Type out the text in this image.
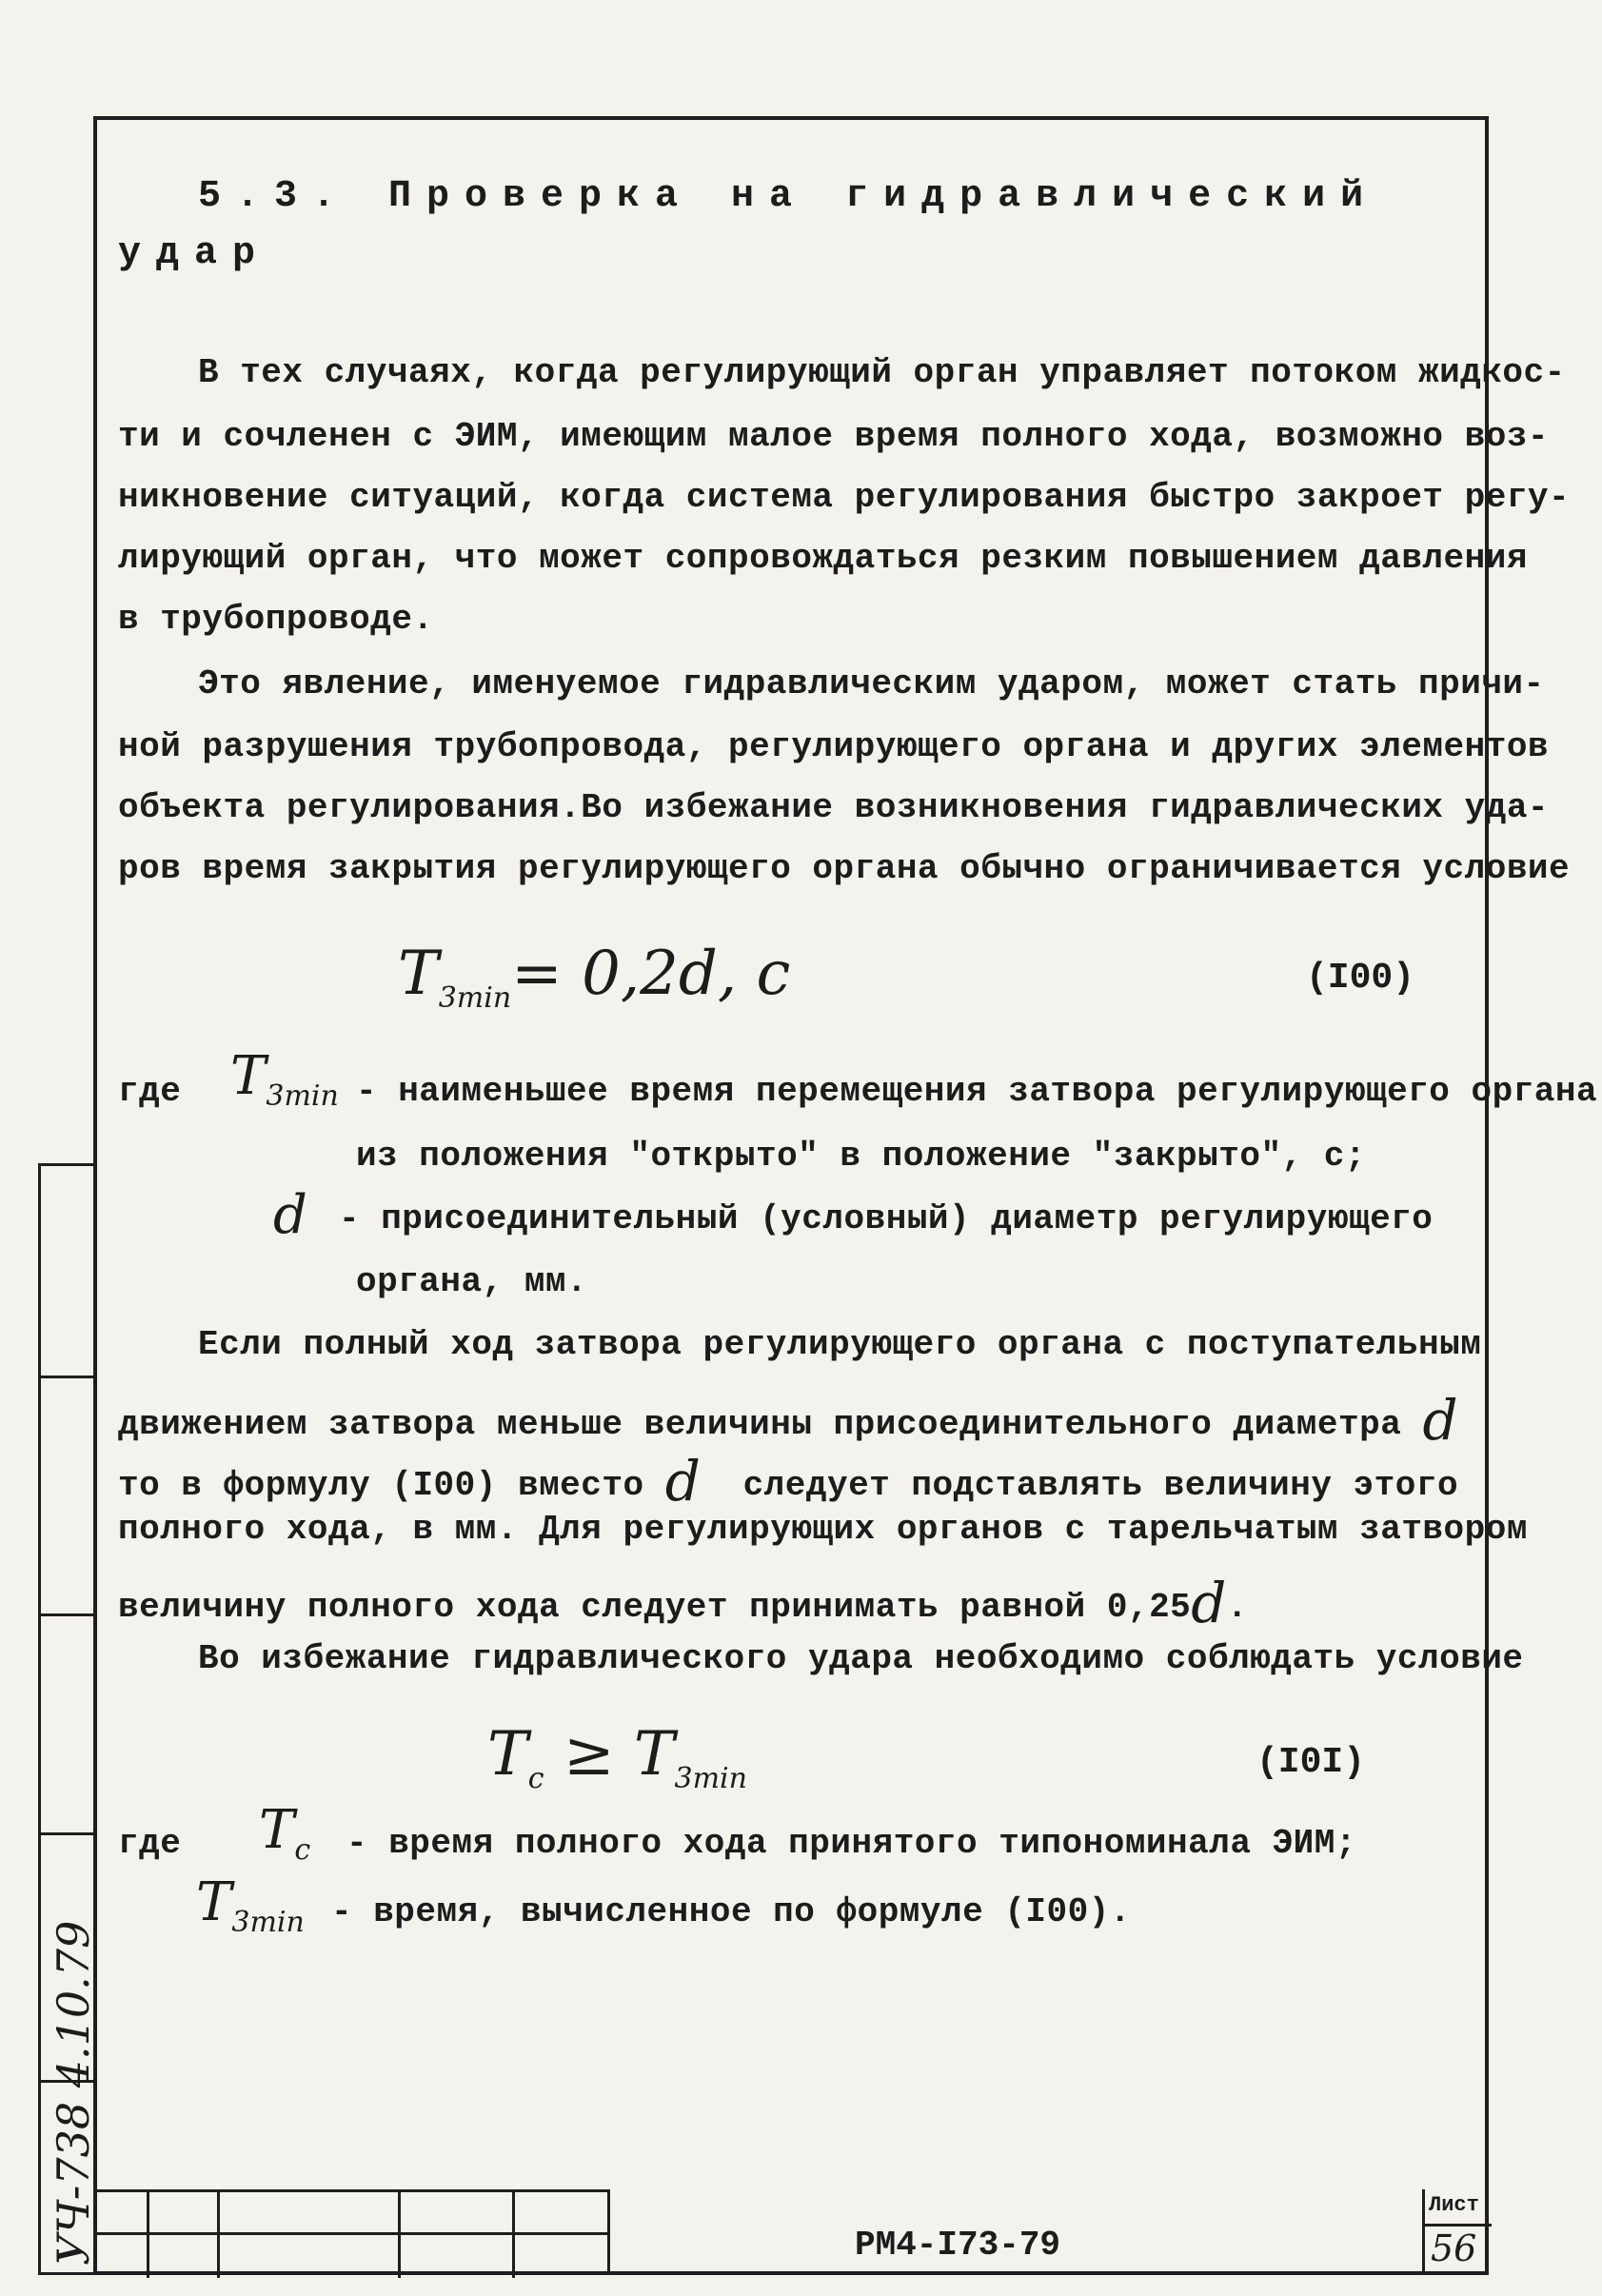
5.3. Проверка на гидравлический
удар
В тех случаях, когда регулирующий орган управляет потоком жидкос-
ти и сочленен с ЭИМ, имеющим малое время полного хода, возможно воз-
никновение ситуаций, когда система регулирования быстро закроет регу-
лирующий орган, что может сопровождаться резким повышением давления
в трубопроводе.
Это явление, именуемое гидравлическим ударом, может стать причи-
ной разрушения трубопровода, регулирующего органа и других элементов
объекта регулирования.Во избежание возникновения гидравлических уда-
ров время закрытия регулирующего органа обычно ограничивается условие
$T_{3min}= 0,2d$, c	(I00)
где $T_{3min}$ - наименьшее время перемещения затвора регулирующего органа
из положения "открыто" в положение "закрыто", с;
d - присоединительный (условный) диаметр регулирующего
органа, мм.
Если полный ход затвора регулирующего органа с поступательным
движением затвора меньше величины присоединительного диаметра d
то в формулу (I00) вместо d следует подставлять величину этого
полного хода, в мм. Для регулирующих органов с тарельчатым затвором
величину полного хода следует принимать равной 0,25d.
Во избежание гидравлического удара необходимо соблюдать условие
$T_c \ge T_{3min}$	(I0I)
где $T_c$ - время полного хода принятого типономинала ЭИМ;
$T_{3min}$ - время, вычисленное по формуле (I00).
РМ4-I73-79
Лист
56
УЧ-738 4.10.79
